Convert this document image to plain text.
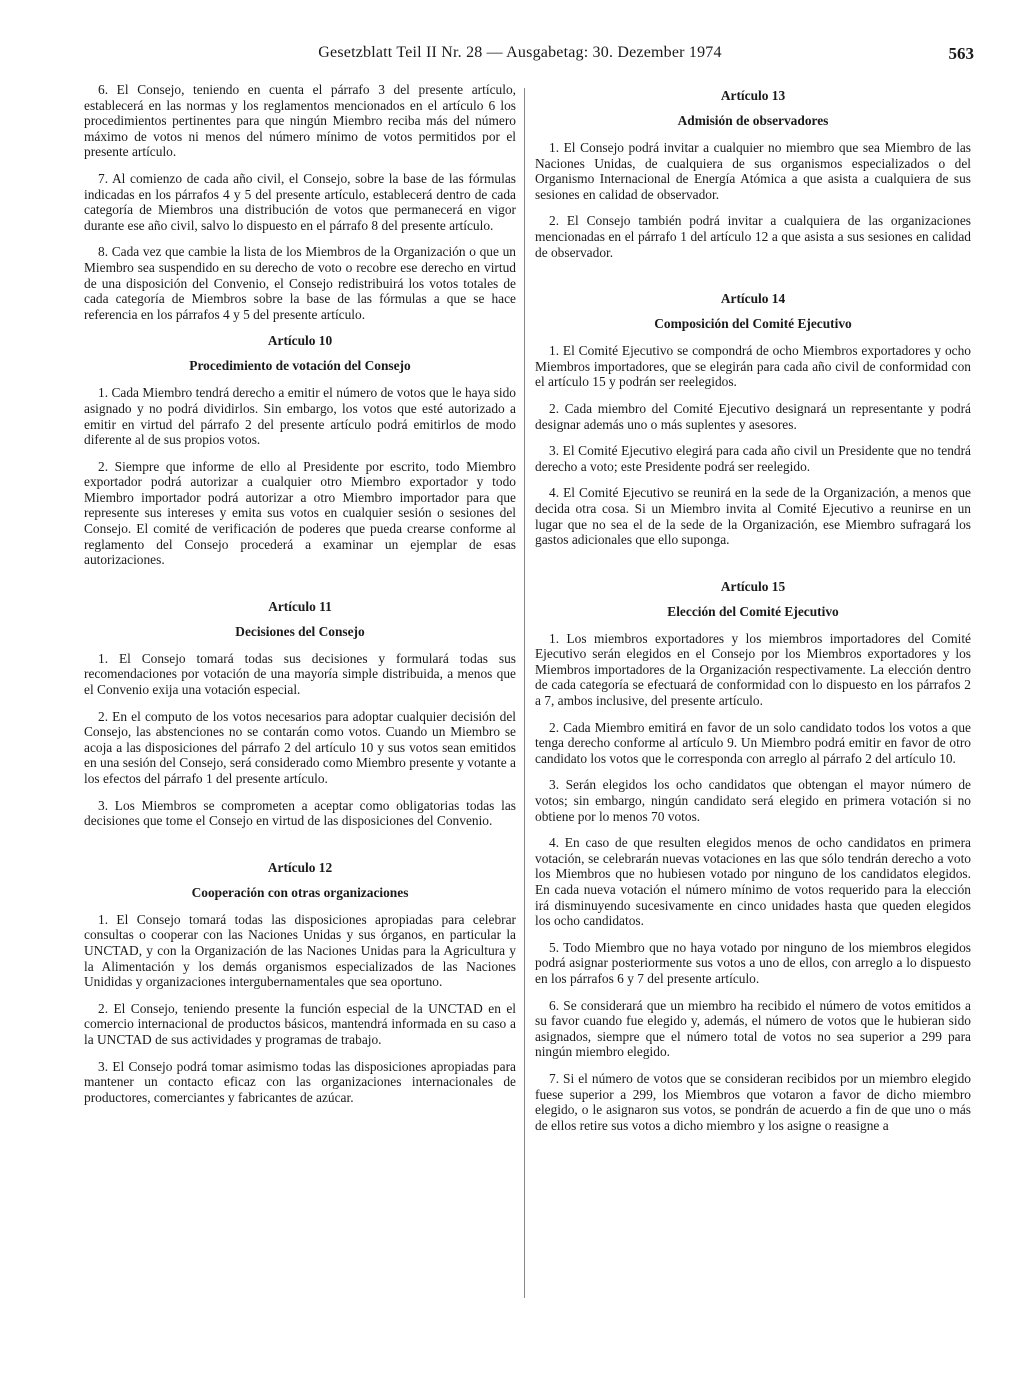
Gesetzblatt Teil II Nr. 28 — Ausgabetag: 30. Dezember 1974	563

6. El Consejo, teniendo en cuenta el párrafo 3 del presente artículo, establecerá en las normas y los reglamentos mencionados en el artículo 6 los procedimientos pertinentes para que ningún Miembro reciba más del número máximo de votos ni menos del número mínimo de votos permitidos por el presente artículo.

7. Al comienzo de cada año civil, el Consejo, sobre la base de las fórmulas indicadas en los párrafos 4 y 5 del presente artículo, establecerá dentro de cada categoría de Miembros una distribución de votos que permanecerá en vigor durante ese año civil, salvo lo dispuesto en el párrafo 8 del presente artículo.

8. Cada vez que cambie la lista de los Miembros de la Organización o que un Miembro sea suspendido en su derecho de voto o recobre ese derecho en virtud de una disposición del Convenio, el Consejo redistribuirá los votos totales de cada categoría de Miembros sobre la base de las fórmulas a que se hace referencia en los párrafos 4 y 5 del presente artículo.

Artículo 10

Procedimiento de votación del Consejo

1. Cada Miembro tendrá derecho a emitir el número de votos que le haya sido asignado y no podrá dividirlos. Sin embargo, los votos que esté autorizado a emitir en virtud del párrafo 2 del presente artículo podrá emitirlos de modo diferente al de sus propios votos.

2. Siempre que informe de ello al Presidente por escrito, todo Miembro exportador podrá autorizar a cualquier otro Miembro exportador y todo Miembro importador podrá autorizar a otro Miembro importador para que represente sus intereses y emita sus votos en cualquier sesión o sesiones del Consejo. El comité de verificación de poderes que pueda crearse conforme al reglamento del Consejo procederá a examinar un ejemplar de esas autorizaciones.

Artículo 11

Decisiones del Consejo

1. El Consejo tomará todas sus decisiones y formulará todas sus recomendaciones por votación de una mayoría simple distribuida, a menos que el Convenio exija una votación especial.

2. En el computo de los votos necesarios para adoptar cualquier decisión del Consejo, las abstenciones no se contarán como votos. Cuando un Miembro se acoja a las disposiciones del párrafo 2 del artículo 10 y sus votos sean emitidos en una sesión del Consejo, será considerado como Miembro presente y votante a los efectos del párrafo 1 del presente artículo.

3. Los Miembros se comprometen a aceptar como obligatorias todas las decisiones que tome el Consejo en virtud de las disposiciones del Convenio.

Artículo 12

Cooperación con otras organizaciones

1. El Consejo tomará todas las disposiciones apropiadas para celebrar consultas o cooperar con las Naciones Unidas y sus órganos, en particular la UNCTAD, y con la Organización de las Naciones Unidas para la Agricultura y la Alimentación y los demás organismos especializados de las Naciones Unididas y organizaciones intergubernamentales que sea oportuno.

2. El Consejo, teniendo presente la función especial de la UNCTAD en el comercio internacional de productos básicos, mantendrá informada en su caso a la UNCTAD de sus actividades y programas de trabajo.

3. El Consejo podrá tomar asimismo todas las disposiciones apropiadas para mantener un contacto eficaz con las organizaciones internacionales de productores, comerciantes y fabricantes de azúcar.

Artículo 13

Admisión de observadores

1. El Consejo podrá invitar a cualquier no miembro que sea Miembro de las Naciones Unidas, de cualquiera de sus organismos especializados o del Organismo Internacional de Energía Atómica a que asista a cualquiera de sus sesiones en calidad de observador.

2. El Consejo también podrá invitar a cualquiera de las organizaciones mencionadas en el párrafo 1 del artículo 12 a que asista a sus sesiones en calidad de observador.

Artículo 14

Composición del Comité Ejecutivo

1. El Comité Ejecutivo se compondrá de ocho Miembros exportadores y ocho Miembros importadores, que se elegirán para cada año civil de conformidad con el artículo 15 y podrán ser reelegidos.

2. Cada miembro del Comité Ejecutivo designará un representante y podrá designar además uno o más suplentes y asesores.

3. El Comité Ejecutivo elegirá para cada año civil un Presidente que no tendrá derecho a voto; este Presidente podrá ser reelegido.

4. El Comité Ejecutivo se reunirá en la sede de la Organización, a menos que decida otra cosa. Si un Miembro invita al Comité Ejecutivo a reunirse en un lugar que no sea el de la sede de la Organización, ese Miembro sufragará los gastos adicionales que ello suponga.

Artículo 15

Elección del Comité Ejecutivo

1. Los miembros exportadores y los miembros importadores del Comité Ejecutivo serán elegidos en el Consejo por los Miembros exportadores y los Miembros importadores de la Organización respectivamente. La elección dentro de cada categoría se efectuará de conformidad con lo dispuesto en los párrafos 2 a 7, ambos inclusive, del presente artículo.

2. Cada Miembro emitirá en favor de un solo candidato todos los votos a que tenga derecho conforme al artículo 9. Un Miembro podrá emitir en favor de otro candidato los votos que le corresponda con arreglo al párrafo 2 del artículo 10.

3. Serán elegidos los ocho candidatos que obtengan el mayor número de votos; sin embargo, ningún candidato será elegido en primera votación si no obtiene por lo menos 70 votos.

4. En caso de que resulten elegidos menos de ocho candidatos en primera votación, se celebrarán nuevas votaciones en las que sólo tendrán derecho a voto los Miembros que no hubiesen votado por ninguno de los candidatos elegidos. En cada nueva votación el número mínimo de votos requerido para la elección irá disminuyendo sucesivamente en cinco unidades hasta que queden elegidos los ocho candidatos.

5. Todo Miembro que no haya votado por ninguno de los miembros elegidos podrá asignar posteriormente sus votos a uno de ellos, con arreglo a lo dispuesto en los párrafos 6 y 7 del presente artículo.

6. Se considerará que un miembro ha recibido el número de votos emitidos a su favor cuando fue elegido y, además, el número de votos que le hubieran sido asignados, siempre que el número total de votos no sea superior a 299 para ningún miembro elegido.

7. Si el número de votos que se consideran recibidos por un miembro elegido fuese superior a 299, los Miembros que votaron a favor de dicho miembro elegido, o le asignaron sus votos, se pondrán de acuerdo a fin de que uno o más de ellos retire sus votos a dicho miembro y los asigne o reasigne a
